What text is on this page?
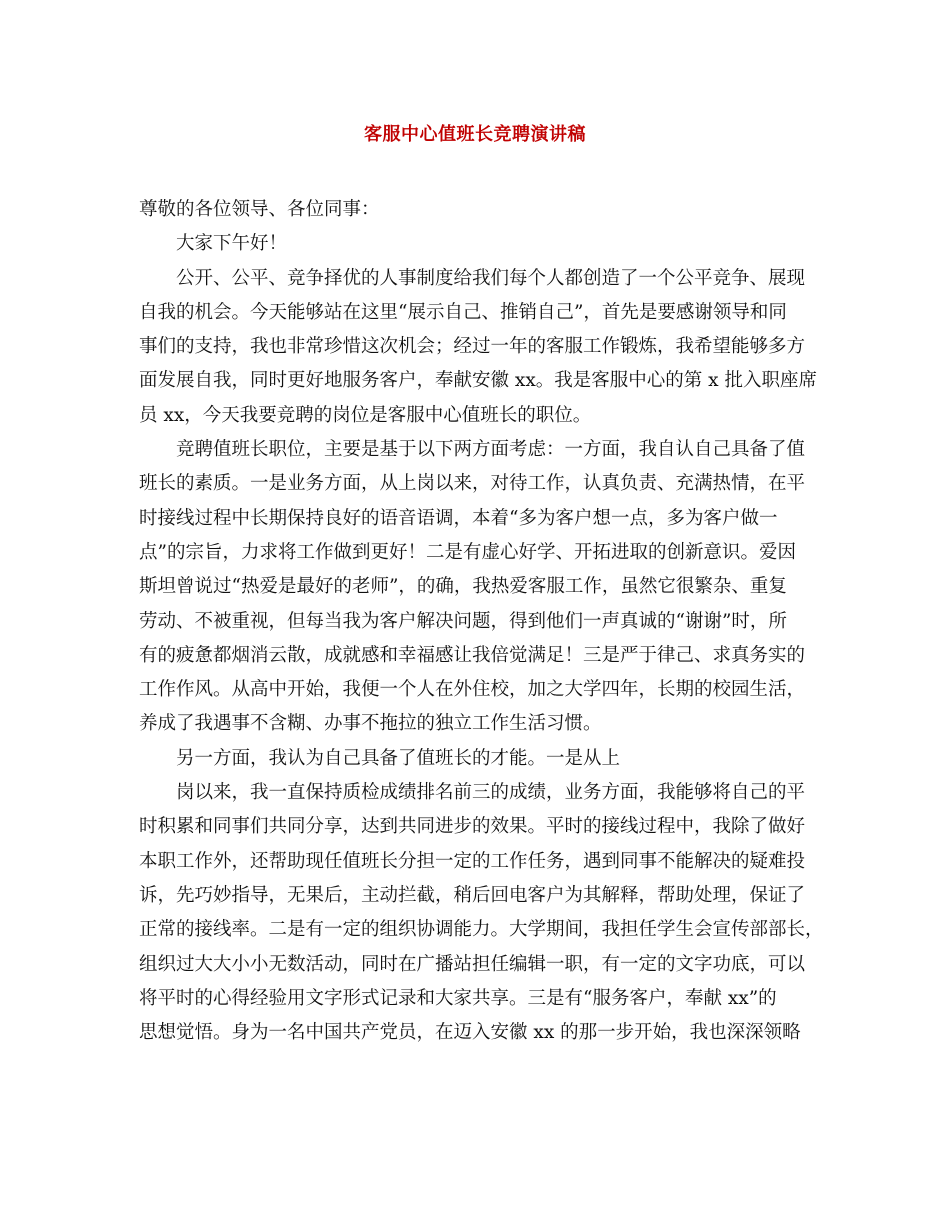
客服中心值班长竞聘演讲稿
尊敬的各位领导、各位同事：
大家下午好！
公开、公平、竞争择优的人事制度给我们每个人都创造了一个公平竞争、展现
自我的机会。今天能够站在这里“展示自己、推销自己”，首先是要感谢领导和同
事们的支持，我也非常珍惜这次机会；经过一年的客服工作锻炼，我希望能够多方
面发展自我，同时更好地服务客户，奉献安徽 xx。我是客服中心的第 x 批入职座席
员 xx，今天我要竞聘的岗位是客服中心值班长的职位。
竞聘值班长职位，主要是基于以下两方面考虑：一方面，我自认自己具备了值
班长的素质。一是业务方面，从上岗以来，对待工作，认真负责、充满热情，在平
时接线过程中长期保持良好的语音语调，本着“多为客户想一点，多为客户做一
点”的宗旨，力求将工作做到更好！二是有虚心好学、开拓进取的创新意识。爱因
斯坦曾说过“热爱是最好的老师”，的确，我热爱客服工作，虽然它很繁杂、重复
劳动、不被重视，但每当我为客户解决问题，得到他们一声真诚的“谢谢”时，所
有的疲惫都烟消云散，成就感和幸福感让我倍觉满足！三是严于律己、求真务实的
工作作风。从高中开始，我便一个人在外住校，加之大学四年，长期的校园生活，
养成了我遇事不含糊、办事不拖拉的独立工作生活习惯。
另一方面，我认为自己具备了值班长的才能。一是从上
岗以来，我一直保持质检成绩排名前三的成绩，业务方面，我能够将自己的平
时积累和同事们共同分享，达到共同进步的效果。平时的接线过程中，我除了做好
本职工作外，还帮助现任值班长分担一定的工作任务，遇到同事不能解决的疑难投
诉，先巧妙指导，无果后，主动拦截，稍后回电客户为其解释，帮助处理，保证了
正常的接线率。二是有一定的组织协调能力。大学期间，我担任学生会宣传部部长，
组织过大大小小无数活动，同时在广播站担任编辑一职，有一定的文字功底，可以
将平时的心得经验用文字形式记录和大家共享。三是有“服务客户，奉献 xx”的
思想觉悟。身为一名中国共产党员，在迈入安徽 xx 的那一步开始，我也深深领略
